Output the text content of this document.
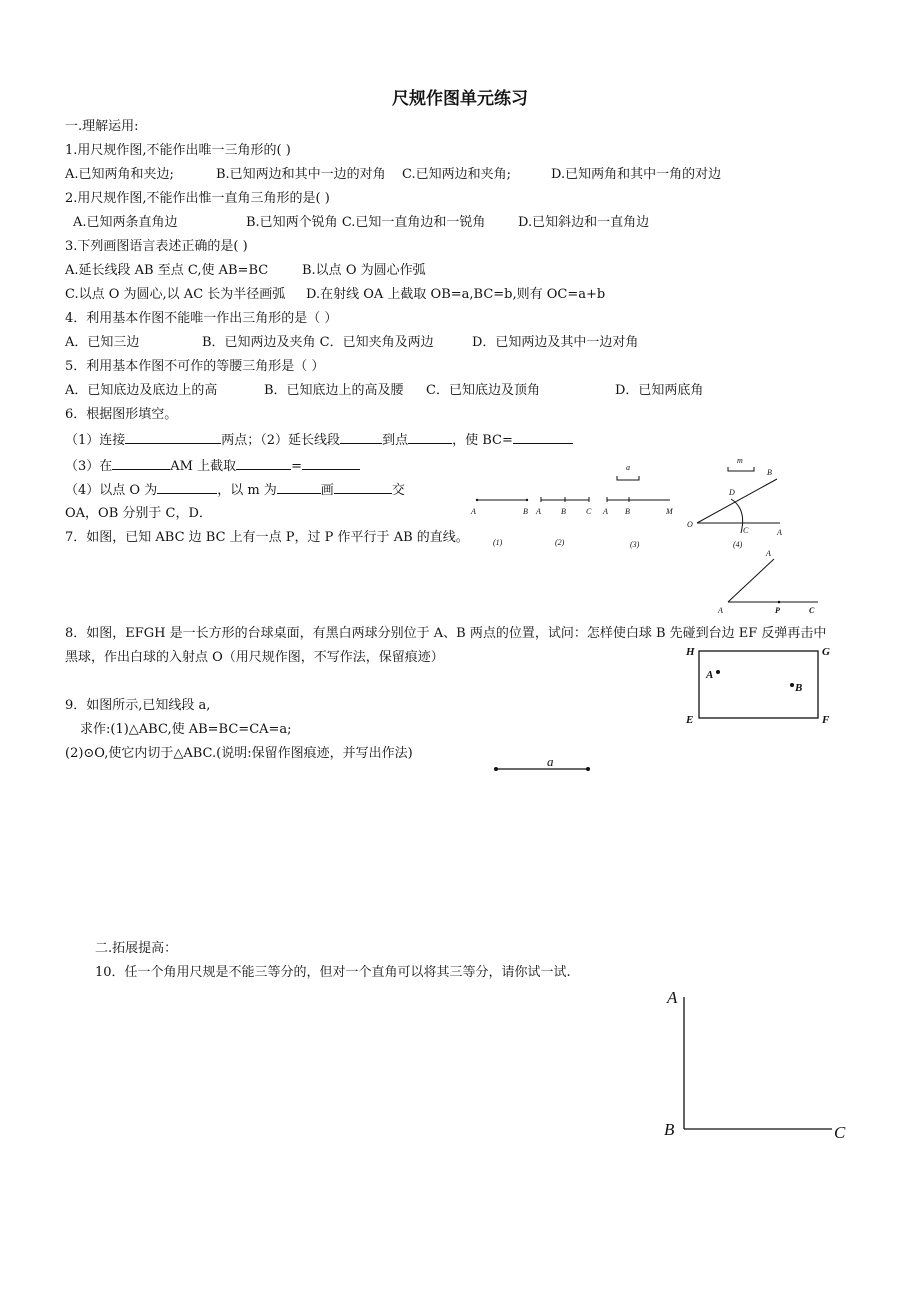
尺规作图单元练习
一.理解运用:
1.用尺规作图,不能作出唯一三角形的( )
A.已知两角和夹边;	B.已知两边和其中一边的对角 C.已知两边和夹角;	D.已知两角和其中一角的对边
2.用尺规作图,不能作出惟一直角三角形的是( )
A.已知两条直角边	B.已知两个锐角 C.已知一直角边和一锐角	D.已知斜边和一直角边
3.下列画图语言表述正确的是( )
A.延长线段 AB 至点 C,使 AB=BC	B.以点 O 为圆心作弧
C.以点 O 为圆心,以 AC 长为半径画弧 D.在射线 OA 上截取 OB=a,BC=b,则有 OC=a+b
4．利用基本作图不能唯一作出三角形的是（ ）
A．已知三边	B．已知两边及夹角 C．已知夹角及两边	D．已知两边及其中一边对角
5．利用基本作图不可作的等腰三角形是（ ）
A．已知底边及底边上的高	B．已知底边上的高及腰 C．已知底边及顶角	D．已知两底角
6．根据图形填空。
（1）连接	两点；（2）延长线段	到点	，使 BC=
（3）在	AM 上截取	=
（4）以点 O 为	，以 m 为	画	交
OA，OB 分别于 C，D．	A	B
(1)
A	B	C
(2)
a
A B	M
(3)
m
O
A
B
C
D
(4)
7．如图，已知 ABC 边 BC 上有一点 P，过 P 作平行于 AB 的直线。
A
A	P	C
8．如图，EFGH 是一长方形的台球桌面，有黑白两球分别位于 A、B 两点的位置，试问：怎样使白球 B 先碰到台边 EF 反弹再击中
黑球，作出白球的入射点 O（用尺规作图，不写作法，保留痕迹）	H	G
E	F
A
B
9．如图所示,已知线段 a,
求作:(1)△ABC,使 AB=BC=CA=a;
(2)⊙O,使它内切于△ABC.(说明:保留作图痕迹，并写出作法)
a
二.拓展提高：
10．任一个角用尺规是不能三等分的，但对一个直角可以将其三等分，请你试一试.
A
B	C
